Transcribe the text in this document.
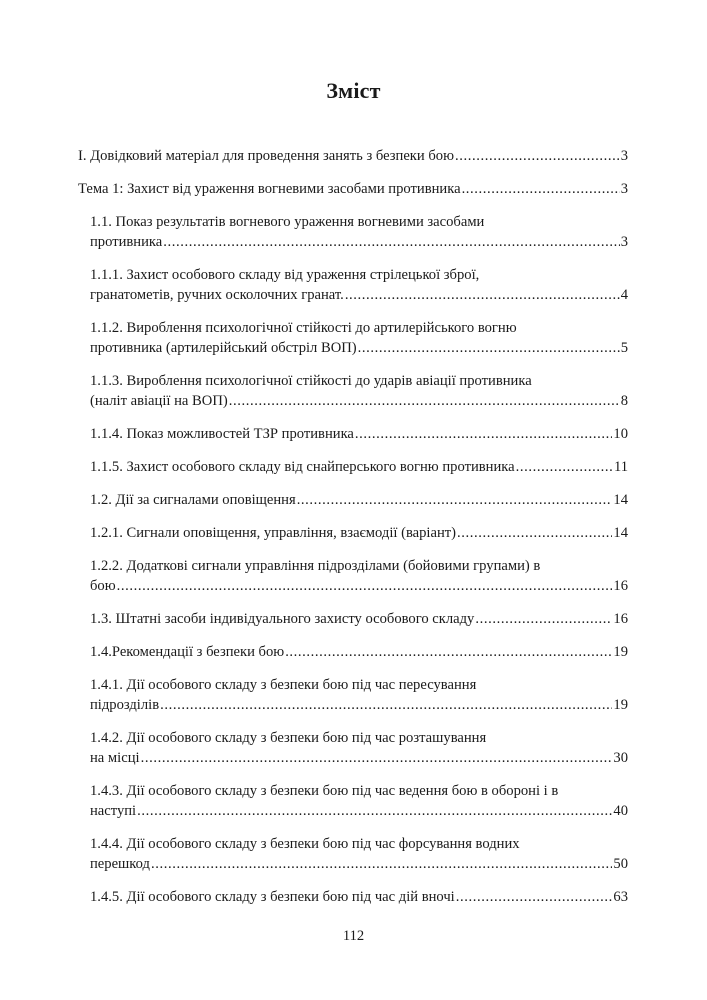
Зміст
І. Довідковий матеріал для проведення занять з безпеки бою .....	3
Тема 1: Захист від ураження вогневими засобами противника .....	3
1.1. Показ результатів вогневого ураження вогневими засобами
противника .....	3
1.1.1. Захист особового складу від ураження стрілецької зброї,
гранатометів, ручних осколочних гранат. .....	4
1.1.2. Вироблення психологічної стійкості до артилерійського вогню
противника (артилерійський обстріл ВОП) .....	5
1.1.3. Вироблення психологічної стійкості до ударів авіації противника
(наліт авіації на ВОП) .....	8
1.1.4. Показ можливостей ТЗР противника .....	10
1.1.5. Захист особового складу від снайперського вогню противника .....	11
1.2. Дії за сигналами оповіщення .....	14
1.2.1. Сигнали оповіщення, управління, взаємодії (варіант) .....	14
1.2.2. Додаткові сигнали управління підрозділами (бойовими групами) в
бою .....	16
1.3. Штатні засоби індивідуального захисту особового складу .....	16
1.4.Рекомендації з безпеки бою .....	19
1.4.1. Дії особового складу з безпеки бою під час пересування
підрозділів .....	19
1.4.2. Дії особового складу з безпеки бою під час розташування
на місці .....	30
1.4.3. Дії особового складу з безпеки бою під час ведення бою в обороні і в
наступі .....	40
1.4.4. Дії особового складу з безпеки бою під час форсування водних
перешкод .....	50
1.4.5. Дії особового складу з безпеки бою під час дій вночі .....	63
112
